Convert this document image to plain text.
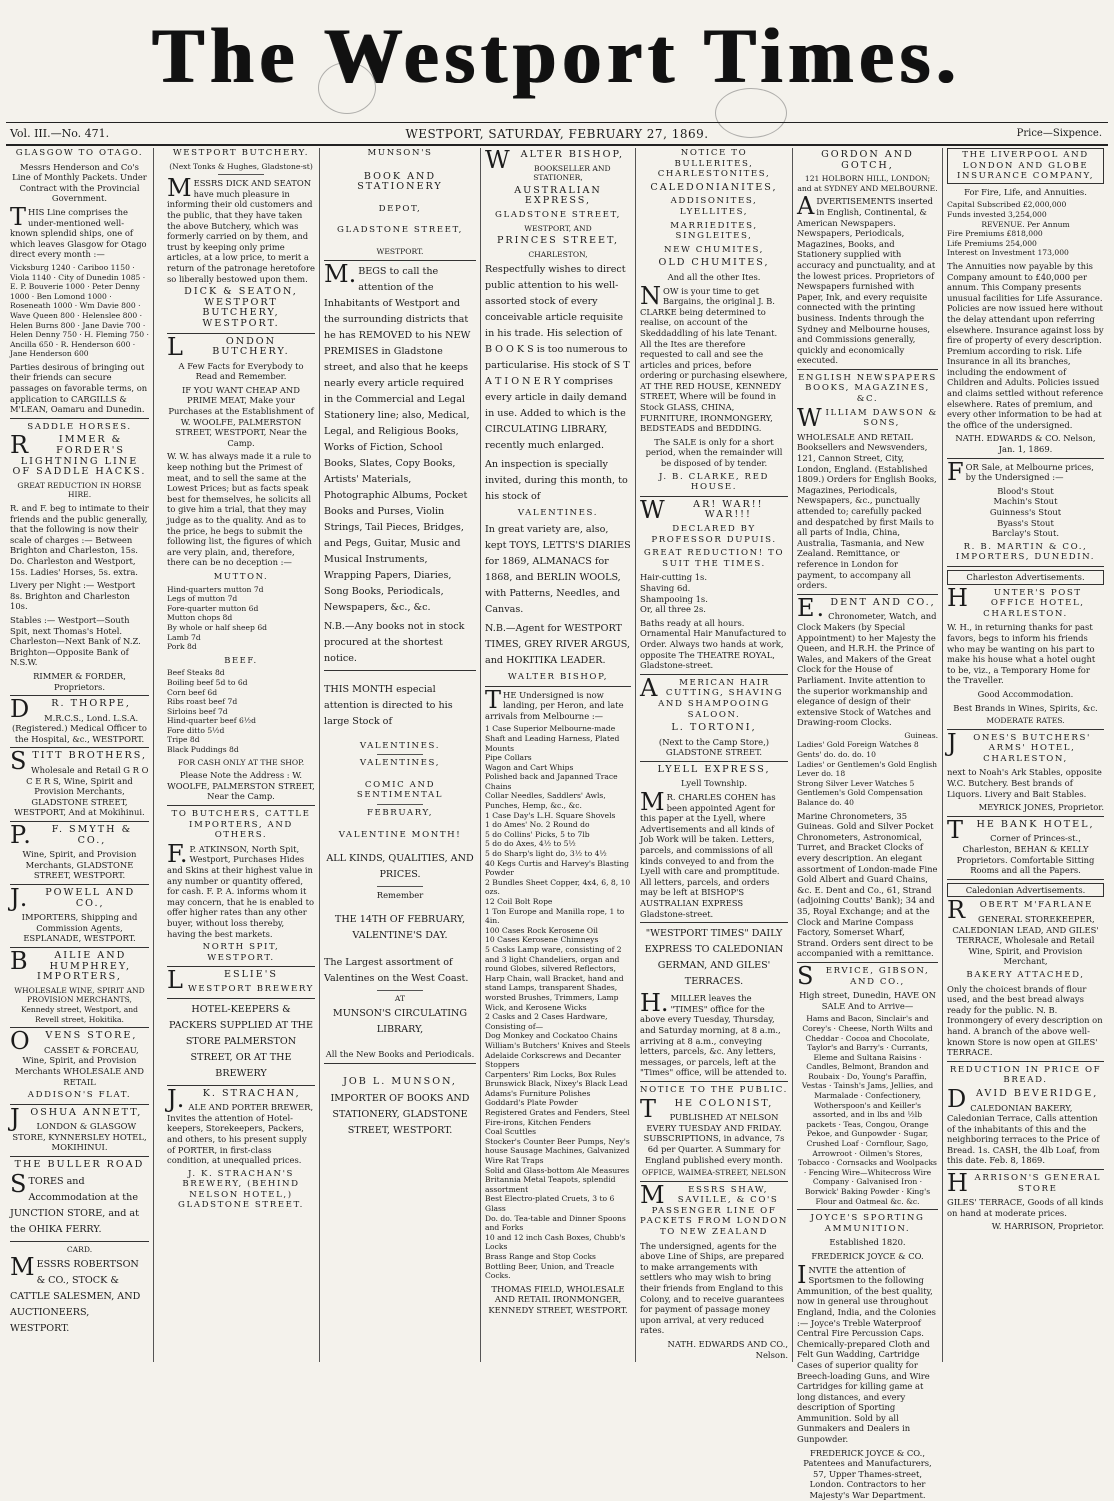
The Westport Times.
Vol. III.—No. 471.	WESTPORT, SATURDAY, FEBRUARY 27, 1869.	Price—Sixpence.
GLASGOW TO OTAGO.
Messrs Henderson and Co's Line of Monthly Packets. Under Contract with the Provincial Government.
THIS Line comprises the under-mentioned well-known splendid ships, one of which leaves Glasgow for Otago direct every month :—
Vicksburg 1240 · Cariboo 1150 · Viola 1140 · City of Dunedin 1085 · E. P. Bouverie 1000 · Peter Denny 1000 · Ben Lomond 1000 · Roseneath 1000 · Wm Davie 800 · Wave Queen 800 · Helenslee 800 · Helen Burns 800 · Jane Davie 700 · Helen Denny 750 · H. Fleming 750 · Ancilla 650 · R. Henderson 600 · Jane Henderson 600
Parties desirous of bringing out their friends can secure passages on favorable terms, on application to CARGILLS & M'LEAN, Oamaru and Dunedin.
SADDLE HORSES.
RIMMER & FORDER'S LIGHTNING LINE OF SADDLE HACKS.
GREAT REDUCTION IN HORSE HIRE.
R. and F. beg to intimate to their friends and the public generally, that the following is now their scale of charges :— Between Brighton and Charleston, 15s. Do. Charleston and Westport, 15s. Ladies' Horses, 5s. extra.
Livery per Night :— Westport 8s. Brighton and Charleston 10s.
Stables :— Westport—South Spit, next Thomas's Hotel. Charleston—Next Bank of N.Z. Brighton—Opposite Bank of N.S.W.
RIMMER & FORDER, Proprietors.
DR. THORPE,
M.R.C.S., Lond. L.S.A. (Registered.) Medical Officer to the Hospital, &c., WESTPORT.
STITT BROTHERS,
Wholesale and Retail G R O C E R S, Wine, Spirit and Provision Merchants, GLADSTONE STREET, WESTPORT, And at Mokihinui.
P.F. SMYTH & CO.,
Wine, Spirit, and Provision Merchants, GLADSTONE STREET, WESTPORT.
J.POWELL AND CO.,
IMPORTERS, Shipping and Commission Agents, ESPLANADE, WESTPORT.
BAILIE AND HUMPHREY, IMPORTERS,
WHOLESALE WINE, SPIRIT AND PROVISION MERCHANTS, Kennedy street, Westport, and Revell street, Hokitika.
OVENS STORE,
CASSET & FORCEAU, Wine, Spirit, and Provision Merchants WHOLESALE AND RETAIL
ADDISON'S FLAT.
JOSHUA ANNETT,
LONDON & GLASGOW STORE, KYNNERSLEY HOTEL, MOKIHINUI.
THE BULLER ROAD
STORES and Accommodation at the JUNCTION STORE, and at the OHIKA FERRY.
CARD.
MESSRS ROBERTSON & CO., STOCK & CATTLE SALESMEN, AND AUCTIONEERS, WESTPORT.
WESTPORT BUTCHERY.
(Next Tonks & Hughes, Gladstone-st)
MESSRS DICK AND SEATON have much pleasure in informing their old customers and the public, that they have taken the above Butchery, which was formerly carried on by them, and trust by keeping only prime articles, at a low price, to merit a return of the patronage heretofore so liberally bestowed upon them.
DICK & SEATON, WESTPORT BUTCHERY, WESTPORT.
LONDON BUTCHERY.
A Few Facts for Everybody to Read and Remember.
IF YOU WANT CHEAP AND PRIME MEAT, Make your Purchases at the Establishment of W. WOOLFE, PALMERSTON STREET, WESTPORT, Near the Camp.
W. W. has always made it a rule to keep nothing but the Primest of meat, and to sell the same at the Lowest Prices; but as facts speak best for themselves, he solicits all to give him a trial, that they may judge as to the quality. And as to the price, he begs to submit the following list, the figures of which are very plain, and, therefore, there can be no deception :—
MUTTON.
Hind-quarters mutton 7d
Legs of mutton 7d
Fore-quarter mutton 6d
Mutton chops 8d
By whole or half sheep 6d
Lamb 7d
Pork 8d
BEEF.
Beef Steaks 8d
Boiling beef 5d to 6d
Corn beef 6d
Ribs roast beef 7d
Sirloins beef 7d
Hind-quarter beef 6½d
Fore ditto 5½d
Tripe 8d
Black Puddings 8d
FOR CASH ONLY AT THE SHOP.
Please Note the Address : W. WOOLFE, PALMERSTON STREET, Near the Camp.
TO BUTCHERS, CATTLE IMPORTERS, AND OTHERS.
F.P. ATKINSON, North Spit, Westport, Purchases Hides and Skins at their highest value in any number or quantity offered, for cash. F. P. A. informs whom it may concern, that he is enabled to offer higher rates than any other buyer, without loss thereby, having the best markets.
NORTH SPIT, WESTPORT.
LESLIE'S
WESTPORT BREWERY
HOTEL-KEEPERS & PACKERS SUPPLIED AT THE STORE PALMERSTON STREET, OR AT THE BREWERY
J.K. STRACHAN,
ALE AND PORTER BREWER, Invites the attention of Hotel-keepers, Storekeepers, Packers, and others, to his present supply of PORTER, in first-class condition, at unequalled prices.
J. K. STRACHAN'S BREWERY, (BEHIND NELSON HOTEL,) GLADSTONE STREET.
MUNSON'S
BOOK AND STATIONERY
DEPOT,
GLADSTONE STREET,
WESTPORT.
M.BEGS to call the attention of the Inhabitants of Westport and the surrounding districts that he has REMOVED to his NEW PREMISES in Gladstone street, and also that he keeps nearly every article required in the Commercial and Legal Stationery line; also, Medical, Legal, and Religious Books, Works of Fiction, School Books, Slates, Copy Books, Artists' Materials, Photographic Albums, Pocket Books and Purses, Violin Strings, Tail Pieces, Bridges, and Pegs, Guitar, Music and Musical Instruments, Wrapping Papers, Diaries, Song Books, Periodicals, Newspapers, &c., &c.
N.B.—Any books not in stock procured at the shortest notice.
THIS MONTH especial attention is directed to his large Stock of
VALENTINES.
VALENTINES,
COMIC AND SENTIMENTAL
FEBRUARY,
VALENTINE MONTH!
ALL KINDS, QUALITIES, AND PRICES.
Remember
THE 14TH OF FEBRUARY, VALENTINE'S DAY.
The Largest assortment of Valentines on the West Coast.
AT
MUNSON'S CIRCULATING LIBRARY,
All the New Books and Periodicals.
JOB L. MUNSON,
IMPORTER OF BOOKS AND STATIONERY, GLADSTONE STREET, WESTPORT.
WALTER BISHOP,
BOOKSELLER AND STATIONER,
AUSTRALIAN EXPRESS,
GLADSTONE STREET,
WESTPORT, AND
PRINCES STREET,
CHARLESTON,
Respectfully wishes to direct public attention to his well-assorted stock of every conceivable article requisite in his trade. His selection of B O O K S is too numerous to particularise. His stock of S T A T I O N E R Y comprises every article in daily demand in use. Added to which is the CIRCULATING LIBRARY, recently much enlarged.
An inspection is specially invited, during this month, to his stock of
VALENTINES.
In great variety are, also, kept TOYS, LETTS'S DIARIES for 1869, ALMANACS for 1868, and BERLIN WOOLS, with Patterns, Needles, and Canvas.
N.B.—Agent for WESTPORT TIMES, GREY RIVER ARGUS, and HOKITIKA LEADER.
WALTER BISHOP,
THE Undersigned is now landing, per Heron, and late arrivals from Melbourne :—
1 Case Superior Melbourne-made Shaft and Leading Harness, Plated Mounts
Pipe Collars
Wagon and Cart Whips
Polished back and Japanned Trace Chains
Collar Needles, Saddlers' Awls, Punches, Hemp, &c., &c.
1 Case Day's L.H. Square Shovels
1 do Ames' No. 2 Round do
5 do Collins' Picks, 5 to 7lb
5 do do Axes, 4½ to 5½
5 do Sharp's light do, 3½ to 4½
40 Kegs Curtis and Harvey's Blasting Powder
2 Bundles Sheet Copper, 4x4, 6, 8, 10 ozs.
12 Coil Bolt Rope
1 Ton Europe and Manilla rope, 1 to 4in.
100 Cases Rock Kerosene Oil
10 Cases Kerosene Chimneys
5 Casks Lamp ware, consisting of 2 and 3 light Chandeliers, organ and round Globes, silvered Reflectors, Harp Chain, wall Bracket, hand and stand Lamps, transparent Shades, worsted Brushes, Trimmers, Lamp Wick, and Kerosene Wicks
2 Casks and 2 Cases Hardware, Consisting of—
Dog Monkey and Cockatoo Chains
William's Butchers' Knives and Steels
Adelaide Corkscrews and Decanter Stoppers
Carpenters' Rim Locks, Box Rules
Brunswick Black, Nixey's Black Lead
Adams's Furniture Polishes
Goddard's Plate Powder
Registered Grates and Fenders, Steel Fire-irons, Kitchen Fenders
Coal Scuttles
Stocker's Counter Beer Pumps, Ney's house Sausage Machines, Galvanized Wire Rat Traps
Solid and Glass-bottom Ale Measures
Britannia Metal Teapots, splendid assortment
Best Electro-plated Cruets, 3 to 6 Glass
Do. do. Tea-table and Dinner Spoons and Forks
10 and 12 inch Cash Boxes, Chubb's Locks
Brass Range and Stop Cocks
Bottling Beer, Union, and Treacle Cocks.
THOMAS FIELD, WHOLESALE AND RETAIL IRONMONGER, KENNEDY STREET, WESTPORT.
NOTICE TO BULLERITES, CHARLESTONITES,
CALEDONIANITES,
ADDISONITES, LYELLITES,
MARRIEDITES, SINGLEITES,
NEW CHUMITES,
OLD CHUMITES,
And all the other Ites.
NOW is your time to get Bargains, the original J. B. CLARKE being determined to realise, on account of the Skeddaddling of his late Tenant. All the Ites are therefore requested to call and see the articles and prices, before ordering or purchasing elsewhere, AT THE RED HOUSE, KENNEDY STREET, Where will be found in Stock GLASS, CHINA, FURNITURE, IRONMONGERY, BEDSTEADS and BEDDING.
The SALE is only for a short period, when the remainder will be disposed of by tender.
J. B. CLARKE, RED HOUSE.
WAR! WAR!! WAR!!!
DECLARED BY PROFESSOR DUPUIS.
GREAT REDUCTION! TO SUIT THE TIMES.
Hair-cutting 1s.
Shaving 6d.
Shampooing 1s.
Or, all three 2s.
Baths ready at all hours. Ornamental Hair Manufactured to Order. Always two hands at work, opposite The THEATRE ROYAL, Gladstone-street.
AMERICAN HAIR CUTTING, SHAVING AND SHAMPOOING SALOON.
L. TORTONI,
(Next to the Camp Store,) GLADSTONE STREET.
LYELL EXPRESS,
Lyell Township.
MR. CHARLES COHEN has been appointed Agent for this paper at the Lyell, where Advertisements and all kinds of Job Work will be taken. Letters, parcels, and commissions of all kinds conveyed to and from the Lyell with care and promptitude. All letters, parcels, and orders may be left at BISHOP'S AUSTRALIAN EXPRESS Gladstone-street.
"WESTPORT TIMES" DAILY EXPRESS TO CALEDONIAN GERMAN, AND GILES' TERRACES.
H.MILLER leaves the "TIMES" office for the above every Tuesday, Thursday, and Saturday morning, at 8 a.m., arriving at 8 a.m., conveying letters, parcels, &c. Any letters, messages, or parcels, left at the "Times" office, will be attended to.
NOTICE TO THE PUBLIC.
THE COLONIST,
PUBLISHED AT NELSON EVERY TUESDAY AND FRIDAY. SUBSCRIPTIONS, in advance, 7s 6d per Quarter. A Summary for England published every month.
OFFICE, WAIMEA-STREET, NELSON
MESSRS SHAW, SAVILLE, & CO'S PASSENGER LINE OF PACKETS FROM LONDON TO NEW ZEALAND
The undersigned, agents for the above Line of Ships, are prepared to make arrangements with settlers who may wish to bring their friends from England to this Colony, and to receive guarantees for payment of passage money upon arrival, at very reduced rates.
NATH. EDWARDS AND CO., Nelson.
GORDON AND GOTCH,
121 HOLBORN HILL, LONDON; and at SYDNEY AND MELBOURNE.
ADVERTISEMENTS inserted in English, Continental, & American Newspapers. Newspapers, Periodicals, Magazines, Books, and Stationery supplied with accuracy and punctuality, and at the lowest prices. Proprietors of Newspapers furnished with Paper, Ink, and every requisite connected with the printing business. Indents through the Sydney and Melbourne houses, and Commissions generally, quickly and economically executed.
ENGLISH NEWSPAPERS BOOKS, MAGAZINES, &C.
WILLIAM DAWSON & SONS,
WHOLESALE AND RETAIL Booksellers and Newsvenders, 121, Cannon Street, City, London, England. (Established 1809.) Orders for English Books, Magazines, Periodicals, Newspapers, &c., punctually attended to; carefully packed and despatched by first Mails to all parts of India, China, Australia, Tasmania, and New Zealand. Remittance, or reference in London for payment, to accompany all orders.
E.DENT AND CO.,
Chronometer, Watch, and Clock Makers (by Special Appointment) to her Majesty the Queen, and H.R.H. the Prince of Wales, and Makers of the Great Clock for the House of Parliament. Invite attention to the superior workmanship and elegance of design of their extensive Stock of Watches and Drawing-room Clocks.
Guineas.
Ladies' Gold Foreign Watches 8
Gents' do. do. do. 10
Ladies' or Gentlemen's Gold English Lever do. 18
Strong Silver Lever Watches 5
Gentlemen's Gold Compensation Balance do. 40
Marine Chronometers, 35 Guineas. Gold and Silver Pocket Chronometers, Astronomical, Turret, and Bracket Clocks of every description. An elegant assortment of London-made Fine Gold Albert and Guard Chains, &c. E. Dent and Co., 61, Strand (adjoining Coutts' Bank); 34 and 35, Royal Exchange; and at the Clock and Marine Compass Factory, Somerset Wharf, Strand. Orders sent direct to be accompanied with a remittance.
SERVICE, GIBSON, AND CO.,
High street, Dunedin, HAVE ON SALE And to Arrive—
Hams and Bacon, Sinclair's and Corey's · Cheese, North Wilts and Cheddar · Cocoa and Chocolate, Taylor's and Barry's · Currants, Eleme and Sultana Raisins · Candles, Belmont, Brandon and Roubaix · Do, Young's Paraffin, Vestas · Tainsh's Jams, Jellies, and Marmalade · Confectionery, Wotherspoon's and Keiller's assorted, and in lbs and ½lb packets · Teas, Congou, Orange Pekoe, and Gunpowder · Sugar, Crushed Loaf · Cornflour, Sago, Arrowroot · Oilmen's Stores, Tobacco · Cornsacks and Woolpacks · Fencing Wire—Whitecross Wire Company · Galvanised Iron · Borwick' Baking Powder · King's Flour and Oatmeal &c. &c.
JOYCE'S SPORTING AMMUNITION.
Established 1820.
FREDERICK JOYCE & CO.
INVITE the attention of Sportsmen to the following Ammunition, of the best quality, now in general use throughout England, India, and the Colonies :— Joyce's Treble Waterproof Central Fire Percussion Caps. Chemically-prepared Cloth and Felt Gun Wadding, Cartridge Cases of superior quality for Breech-loading Guns, and Wire Cartridges for killing game at long distances, and every description of Sporting Ammunition. Sold by all Gunmakers and Dealers in Gunpowder.
FREDERICK JOYCE & CO., Patentees and Manufacturers, 57, Upper Thames-street, London. Contractors to her Majesty's War Department.
THE LIVERPOOL AND LONDON AND GLOBE INSURANCE COMPANY,
For Fire, Life, and Annuities.
Capital Subscribed £2,000,000
Funds invested 3,254,000
REVENUE. Per Annum
Fire Premiums £818,000
Life Premiums 254,000
Interest on Investment 173,000
The Annuities now payable by this Company amount to £40,000 per annum. This Company presents unusual facilities for Life Assurance. Policies are now issued here without the delay attendant upon referring elsewhere. Insurance against loss by fire of property of every description. Premium according to risk. Life Insurance in all its branches, including the endowment of Children and Adults. Policies issued and claims settled without reference elsewhere. Rates of premium, and every other information to be had at the office of the undersigned.
NATH. EDWARDS & CO. Nelson, Jan. 1, 1869.
FOR Sale, at Melbourne prices, by the Undersigned :—
Blood's Stout
Machin's Stout
Guinness's Stout
Byass's Stout
Barclay's Stout.
R. B. MARTIN & CO., IMPORTERS, DUNEDIN.
Charleston Advertisements.
HUNTER'S POST OFFICE HOTEL, CHARLESTON.
W. H., in returning thanks for past favors, begs to inform his friends who may be wanting on his part to make his house what a hotel ought to be, viz., a Temporary Home for the Traveller.
Good Accommodation.
Best Brands in Wines, Spirits, &c.
MODERATE RATES.
JONES'S BUTCHERS' ARMS' HOTEL, CHARLESTON,
next to Noah's Ark Stables, opposite W.C. Butchery. Best brands of Liquors. Livery and Bait Stables.
MEYRICK JONES, Proprietor.
THE BANK HOTEL,
Corner of Princes-st., Charleston, BEHAN & KELLY Proprietors. Comfortable Sitting Rooms and all the Papers.
Caledonian Advertisements.
ROBERT M'FARLANE
GENERAL STOREKEEPER, CALEDONIAN LEAD, AND GILES' TERRACE, Wholesale and Retail Wine, Spirit, and Provision Merchant,
BAKERY ATTACHED,
Only the choicest brands of flour used, and the best bread always ready for the public. N. B. Ironmongery of every description on hand. A branch of the above well-known Store is now open at GILES' TERRACE.
REDUCTION IN PRICE OF BREAD.
DAVID BEVERIDGE,
CALEDONIAN BAKERY, Caledonian Terrace, Calls attention of the inhabitants of this and the neighboring terraces to the Price of Bread. 1s. CASH, the 4lb Loaf, from this date. Feb. 8, 1869.
HARRISON'S GENERAL STORE
GILES' TERRACE, Goods of all kinds on hand at moderate prices.
W. HARRISON, Proprietor.
